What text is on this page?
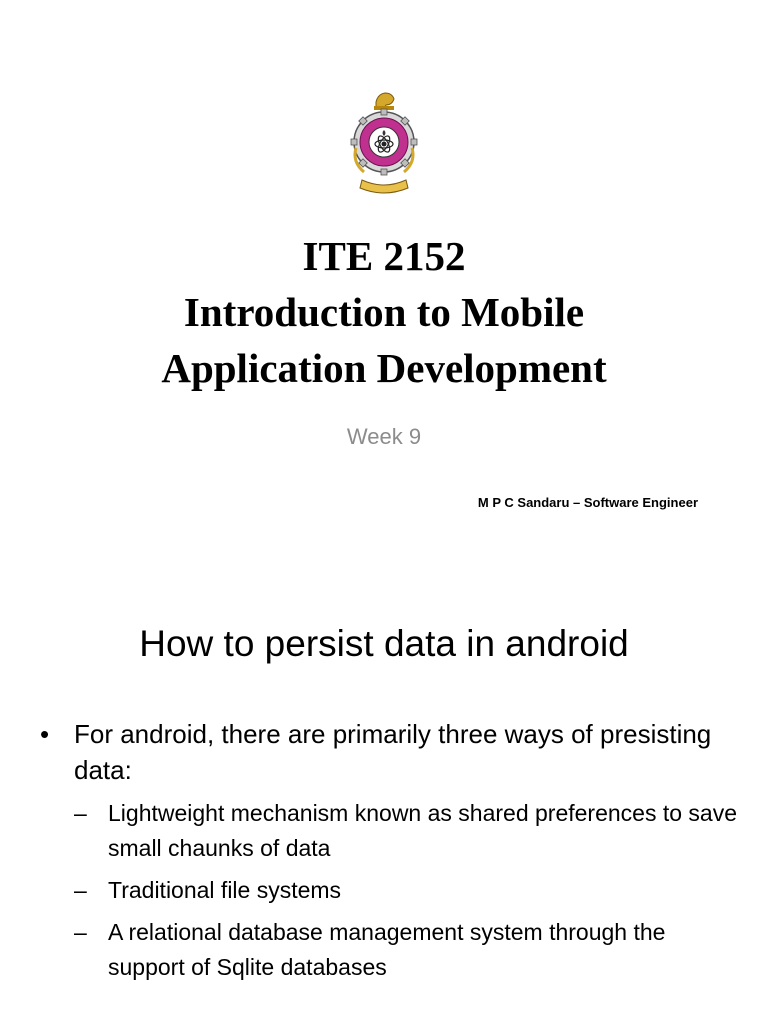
ITE 2152
Introduction to Mobile
Application Development
Week 9
M P C Sandaru – Software Engineer
How to persist data in android
• For android, there are primarily three ways of presisting data:
– Lightweight mechanism known as shared preferences to save small chaunks of data
– Traditional file systems
– A relational database management system through the support of Sqlite databases
